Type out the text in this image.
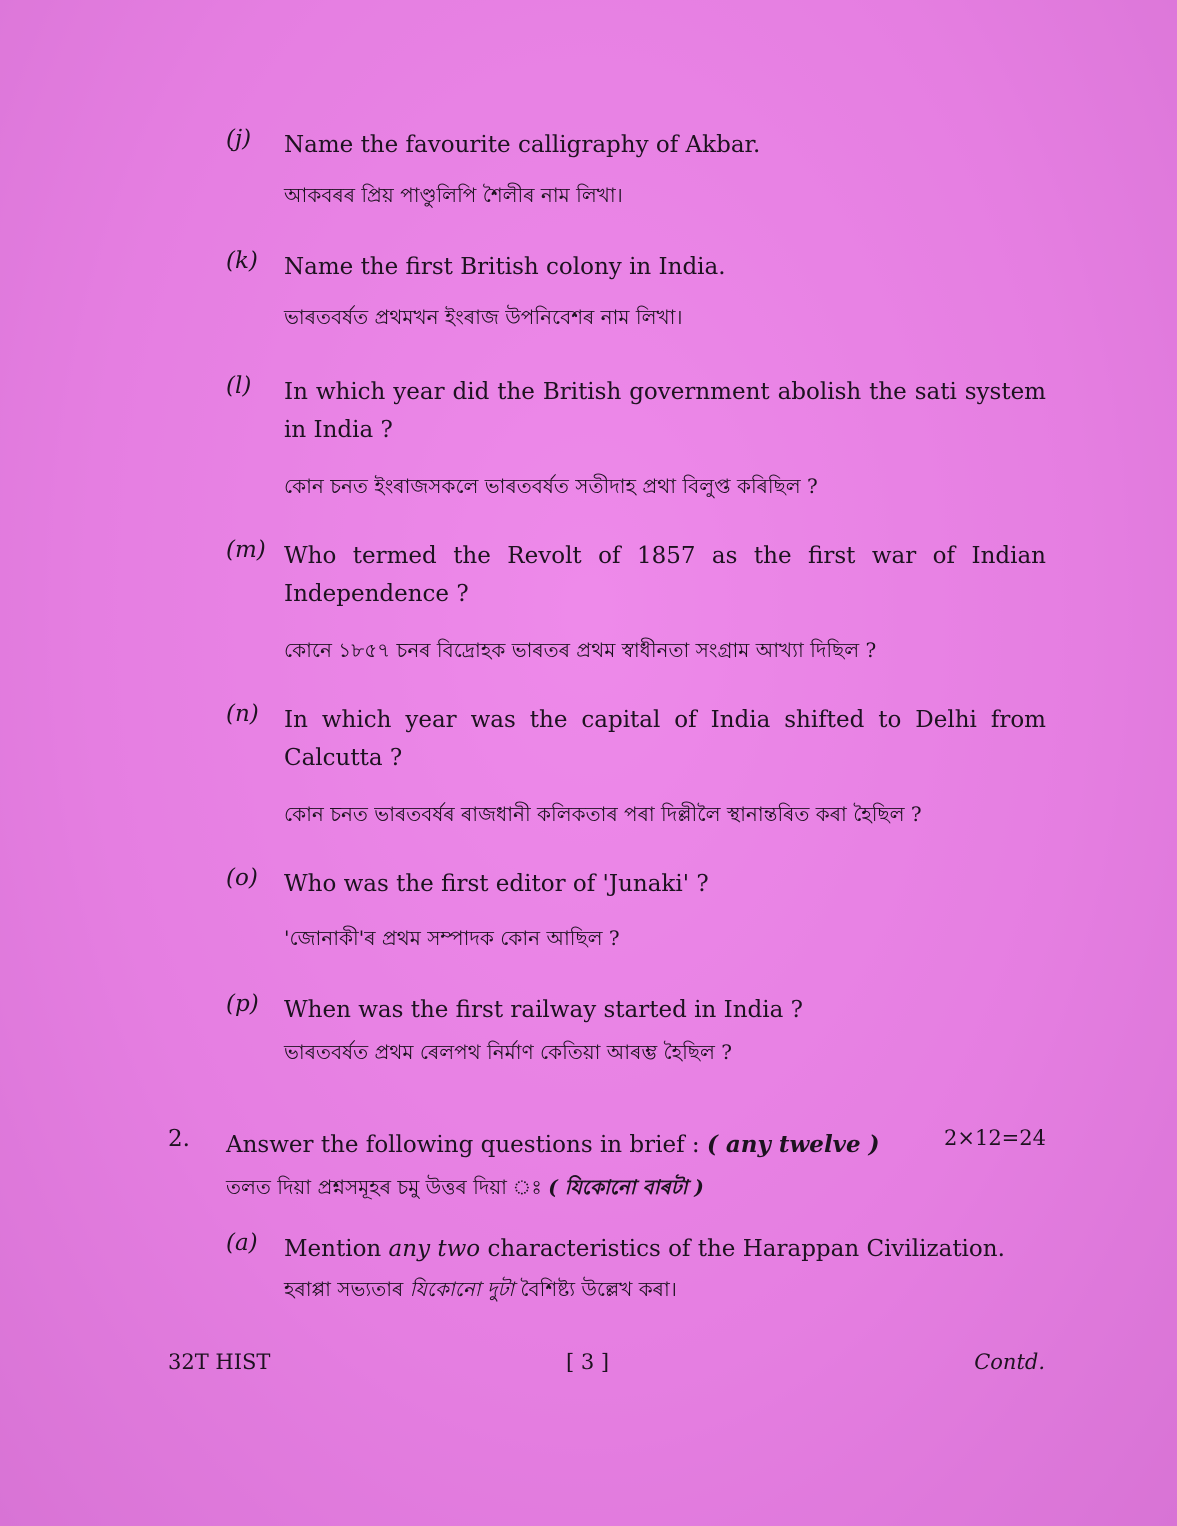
(j)	Name the favourite calligraphy of Akbar.
আকবৰৰ প্ৰিয় পাণ্ডুলিপি শৈলীৰ নাম লিখা।
(k)	Name the first British colony in India.
ভাৰতবৰ্ষত প্ৰথমখন ইংৰাজ উপনিবেশৰ নাম লিখা।
(l)	In which year did the British government abolish the sati system in India ?
কোন চনত ইংৰাজসকলে ভাৰতবৰ্ষত সতীদাহ প্ৰথা বিলুপ্ত কৰিছিল ?
(m) Who termed the Revolt of 1857 as the first war of Indian Independence ?
কোনে ১৮৫৭ চনৰ বিদ্ৰোহক ভাৰতৰ প্ৰথম স্বাধীনতা সংগ্ৰাম আখ্যা দিছিল ?
(n)	In which year was the capital of India shifted to Delhi from Calcutta ?
কোন চনত ভাৰতবৰ্ষৰ ৰাজধানী কলিকতাৰ পৰা দিল্লীলৈ স্থানান্তৰিত কৰা হৈছিল ?
(o)	Who was the first editor of 'Junaki' ?
'জোনাকী'ৰ প্ৰথম সম্পাদক কোন আছিল ?
(p)	When was the first railway started in India ?
ভাৰতবৰ্ষত প্ৰথম ৰেলপথ নিৰ্মাণ কেতিয়া আৰম্ভ হৈছিল ?
2. Answer the following questions in brief : ( any twelve )	2×12=24
তলত দিয়া প্ৰশ্নসমূহৰ চমু উত্তৰ দিয়া ঃ ( যিকোনো বাৰটা )
(a)	Mention any two characteristics of the Harappan Civilization.
হৰাপ্পা সভ্যতাৰ যিকোনো দুটা বৈশিষ্ট্য উল্লেখ কৰা।
32T HIST	[ 3 ]	Contd.
